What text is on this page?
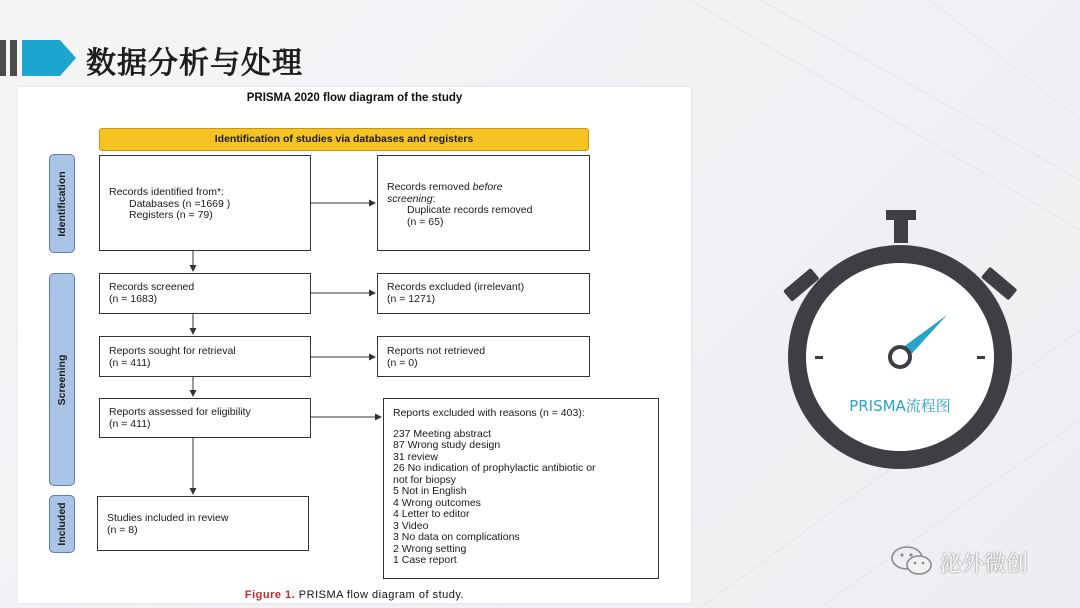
数据分析与处理
PRISMA 2020 flow diagram of the study
Identification of studies via databases and registers
Identification
Screening
Included
Records identified from*:
Databases (n =1669 )
Registers (n = 79)
Records removed before
screening:
Duplicate records removed
(n = 65)
Records screened
(n = 1683)
Records excluded (irrelevant)
(n = 1271)
Reports sought for retrieval
(n = 411)
Reports not retrieved
(n = 0)
Reports assessed for eligibility
(n = 411)
Reports excluded with reasons (n = 403):
237 Meeting abstract
87 Wrong study design
31 review
26 No indication of prophylactic antibiotic or
not for biopsy
5 Not in English
4 Wrong outcomes
4 Letter to editor
3 Video
3 No data on complications
2 Wrong setting
1 Case report
Studies included in review
(n = 8)
Figure 1. PRISMA flow diagram of study.
PRISMA流程图
泌外微创
